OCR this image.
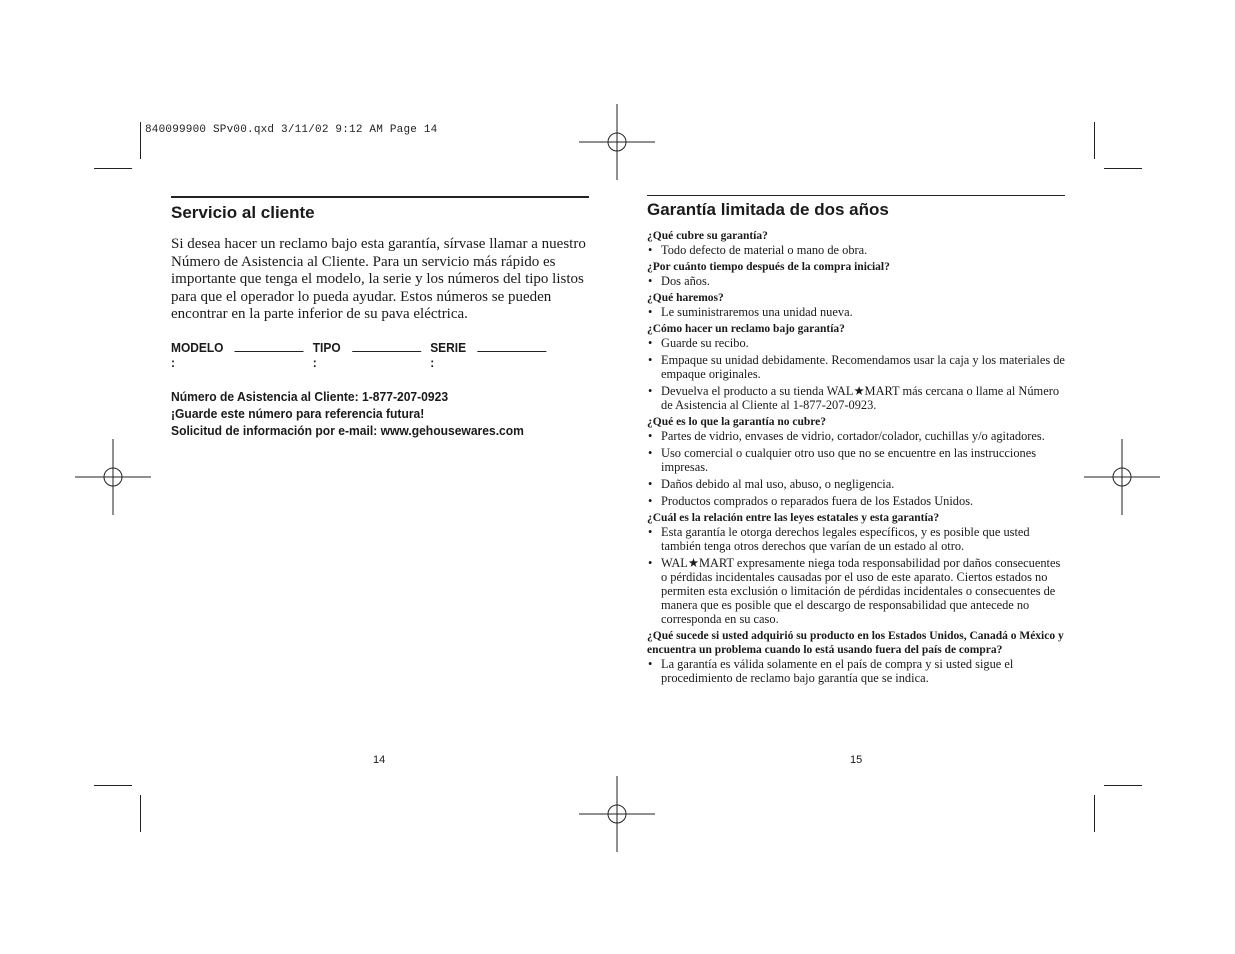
840099900 SPv00.qxd 3/11/02 9:12 AM Page 14
Servicio al cliente

Si desea hacer un reclamo bajo esta garantía, sírvase llamar a nuestro Número de Asistencia al Cliente. Para un servicio más rápido es importante que tenga el modelo, la serie y los números del tipo listos para que el operador lo pueda ayudar. Estos números se pueden encontrar en la parte inferior de su pava eléctrica.

MODELO :
TIPO :
SERIE :
Número de Asistencia al Cliente: 1-877-207-0923
¡Guarde este número para referencia futura!
Solicitud de información por e-mail: www.gehousewares.com
14
Garantía limitada de dos años

¿Qué cubre su garantía?

• Todo defecto de material o mano de obra.

¿Por cuánto tiempo después de la compra inicial?

• Dos años.

¿Qué haremos?

• Le suministraremos una unidad nueva.

¿Cómo hacer un reclamo bajo garantía?

• Guarde su recibo.
• Empaque su unidad debidamente. Recomendamos usar la caja y los materiales de empaque originales.
• Devuelva el producto a su tienda WAL★MART más cercana o llame al Número de Asistencia al Cliente al 1-877-207-0923.

¿Qué es lo que la garantía no cubre?

• Partes de vidrio, envases de vidrio, cortador/colador, cuchillas y/o agitadores.
• Uso comercial o cualquier otro uso que no se encuentre en las instrucciones impresas.
• Daños debido al mal uso, abuso, o negligencia.
• Productos comprados o reparados fuera de los Estados Unidos.

¿Cuál es la relación entre las leyes estatales y esta garantía?

• Esta garantía le otorga derechos legales específicos, y es posible que usted también tenga otros derechos que varían de un estado al otro.
• WAL★MART expresamente niega toda responsabilidad por daños consecuentes o pérdidas incidentales causadas por el uso de este aparato. Ciertos estados no permiten esta exclusión o limitación de pérdidas incidentales o consecuentes de manera que es posible que el descargo de responsabilidad que antecede no corresponda en su caso.

¿Qué sucede si usted adquirió su producto en los Estados Unidos, Canadá o México y encuentra un problema cuando lo está usando fuera del país de compra?

• La garantía es válida solamente en el país de compra y si usted sigue el procedimiento de reclamo bajo garantía que se indica.
15
